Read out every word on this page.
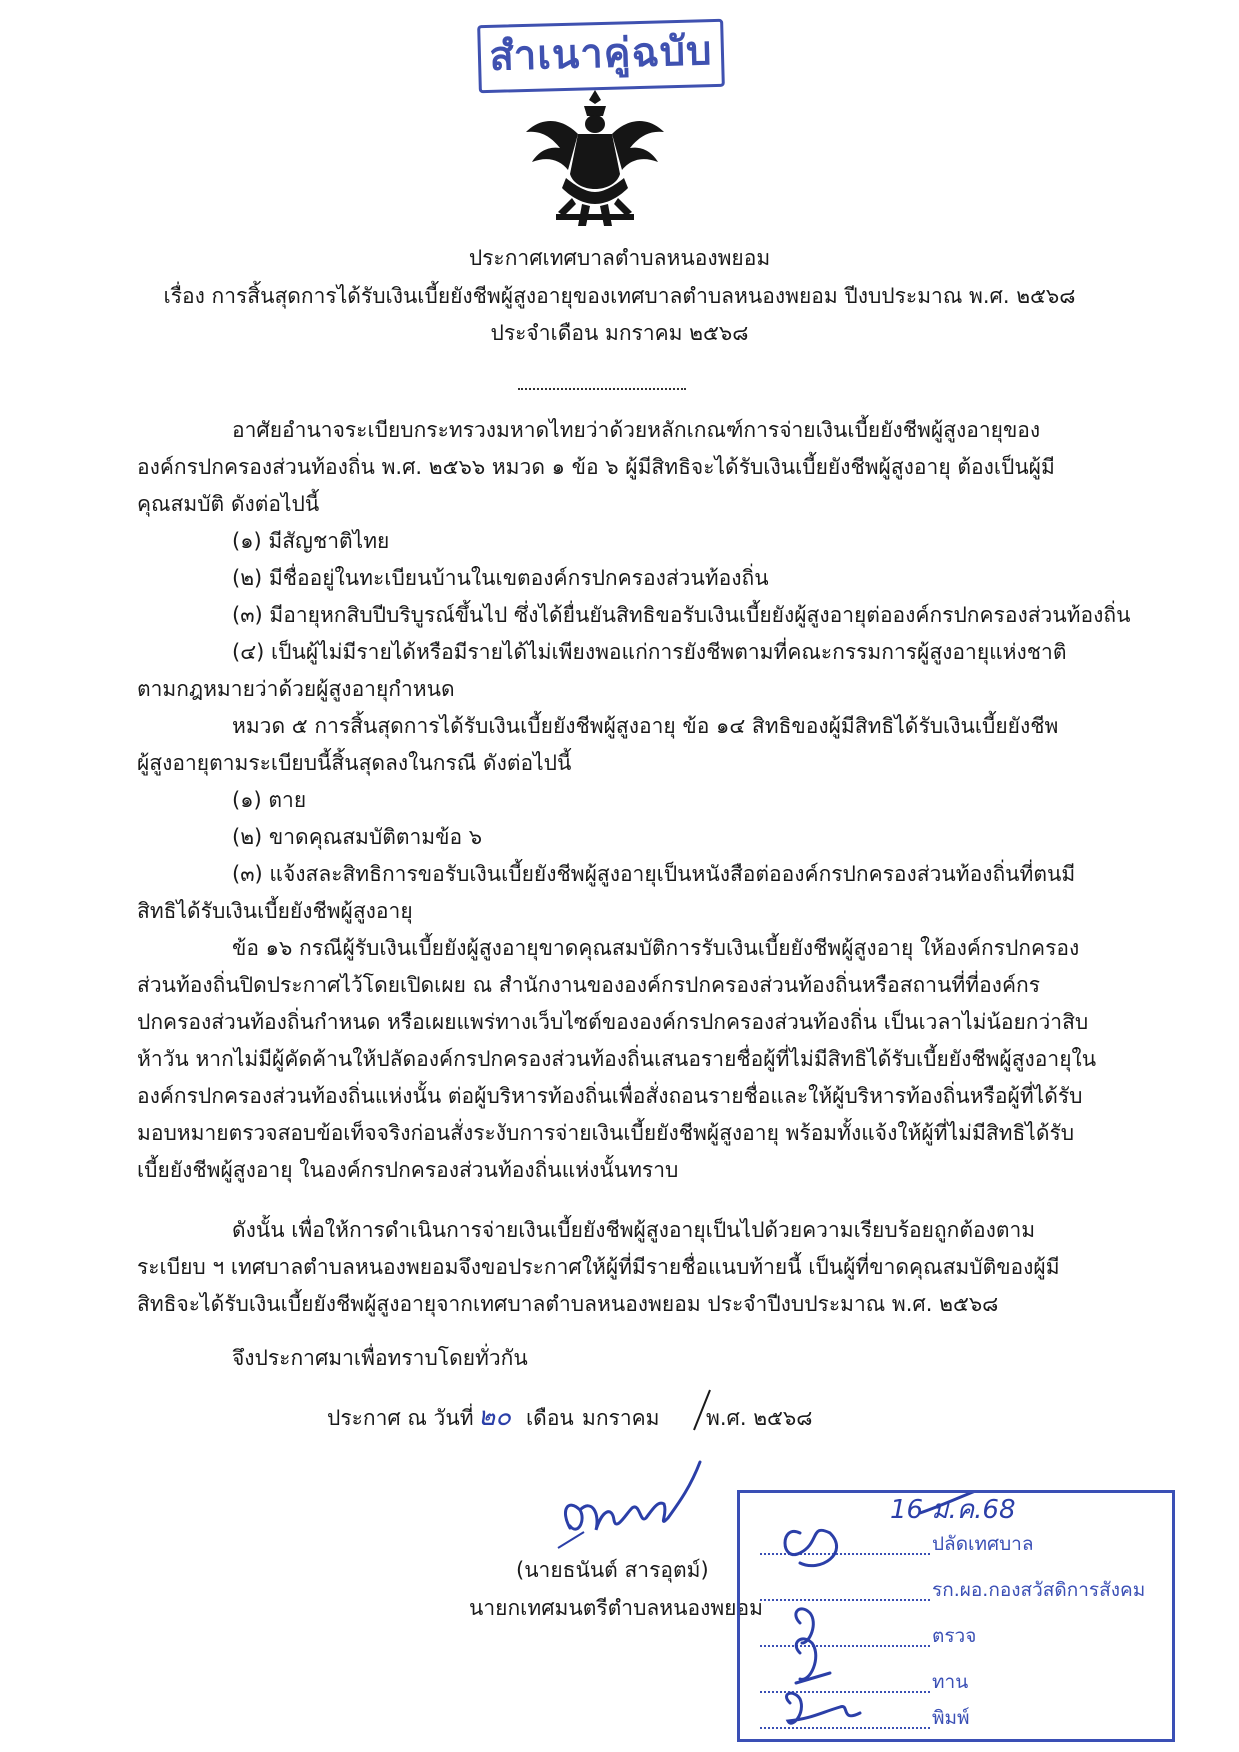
สำเนาคู่ฉบับ
ประกาศเทศบาลตำบลหนองพยอม
เรื่อง การสิ้นสุดการได้รับเงินเบี้ยยังชีพผู้สูงอายุของเทศบาลตำบลหนองพยอม ปีงบประมาณ พ.ศ. ๒๕๖๘
ประจำเดือน มกราคม ๒๕๖๘
อาศัยอำนาจระเบียบกระทรวงมหาดไทยว่าด้วยหลักเกณฑ์การจ่ายเงินเบี้ยยังชีพผู้สูงอายุของ
องค์กรปกครองส่วนท้องถิ่น พ.ศ. ๒๕๖๖ หมวด ๑ ข้อ ๖ ผู้มีสิทธิจะได้รับเงินเบี้ยยังชีพผู้สูงอายุ ต้องเป็นผู้มี
คุณสมบัติ ดังต่อไปนี้
(๑) มีสัญชาติไทย
(๒) มีชื่ออยู่ในทะเบียนบ้านในเขตองค์กรปกครองส่วนท้องถิ่น
(๓) มีอายุหกสิบปีบริบูรณ์ขึ้นไป ซึ่งได้ยื่นยันสิทธิขอรับเงินเบี้ยยังผู้สูงอายุต่อองค์กรปกครองส่วนท้องถิ่น
(๔) เป็นผู้ไม่มีรายได้หรือมีรายได้ไม่เพียงพอแก่การยังชีพตามที่คณะกรรมการผู้สูงอายุแห่งชาติ
ตามกฎหมายว่าด้วยผู้สูงอายุกำหนด
หมวด ๕ การสิ้นสุดการได้รับเงินเบี้ยยังชีพผู้สูงอายุ ข้อ ๑๔ สิทธิของผู้มีสิทธิได้รับเงินเบี้ยยังชีพ
ผู้สูงอายุตามระเบียบนี้สิ้นสุดลงในกรณี ดังต่อไปนี้
(๑) ตาย
(๒) ขาดคุณสมบัติตามข้อ ๖
(๓) แจ้งสละสิทธิการขอรับเงินเบี้ยยังชีพผู้สูงอายุเป็นหนังสือต่อองค์กรปกครองส่วนท้องถิ่นที่ตนมี
สิทธิได้รับเงินเบี้ยยังชีพผู้สูงอายุ
ข้อ ๑๖ กรณีผู้รับเงินเบี้ยยังผู้สูงอายุขาดคุณสมบัติการรับเงินเบี้ยยังชีพผู้สูงอายุ ให้องค์กรปกครอง
ส่วนท้องถิ่นปิดประกาศไว้โดยเปิดเผย ณ สำนักงานขององค์กรปกครองส่วนท้องถิ่นหรือสถานที่ที่องค์กร
ปกครองส่วนท้องถิ่นกำหนด หรือเผยแพร่ทางเว็บไซต์ขององค์กรปกครองส่วนท้องถิ่น เป็นเวลาไม่น้อยกว่าสิบ
ห้าวัน หากไม่มีผู้คัดค้านให้ปลัดองค์กรปกครองส่วนท้องถิ่นเสนอรายชื่อผู้ที่ไม่มีสิทธิได้รับเบี้ยยังชีพผู้สูงอายุใน
องค์กรปกครองส่วนท้องถิ่นแห่งนั้น ต่อผู้บริหารท้องถิ่นเพื่อสั่งถอนรายชื่อและให้ผู้บริหารท้องถิ่นหรือผู้ที่ได้รับ
มอบหมายตรวจสอบข้อเท็จจริงก่อนสั่งระงับการจ่ายเงินเบี้ยยังชีพผู้สูงอายุ พร้อมทั้งแจ้งให้ผู้ที่ไม่มีสิทธิได้รับ
เบี้ยยังชีพผู้สูงอายุ ในองค์กรปกครองส่วนท้องถิ่นแห่งนั้นทราบ
ดังนั้น เพื่อให้การดำเนินการจ่ายเงินเบี้ยยังชีพผู้สูงอายุเป็นไปด้วยความเรียบร้อยถูกต้องตาม
ระเบียบ ฯ เทศบาลตำบลหนองพยอมจึงขอประกาศให้ผู้ที่มีรายชื่อแนบท้ายนี้ เป็นผู้ที่ขาดคุณสมบัติของผู้มี
สิทธิจะได้รับเงินเบี้ยยังชีพผู้สูงอายุจากเทศบาลตำบลหนองพยอม ประจำปีงบประมาณ พ.ศ. ๒๕๖๘
จึงประกาศมาเพื่อทราบโดยทั่วกัน
ประกาศ ณ วันที่ ๒๐ เดือน มกราคม พ.ศ. ๒๕๖๘
(นายธนันต์ สารอุตม์)
นายกเทศมนตรีตำบลหนองพยอม
ปลัดเทศบาล
รก.ผอ.กองสวัสดิการสังคม
ตรวจ
ทาน
พิมพ์
16 ม.ค.68
